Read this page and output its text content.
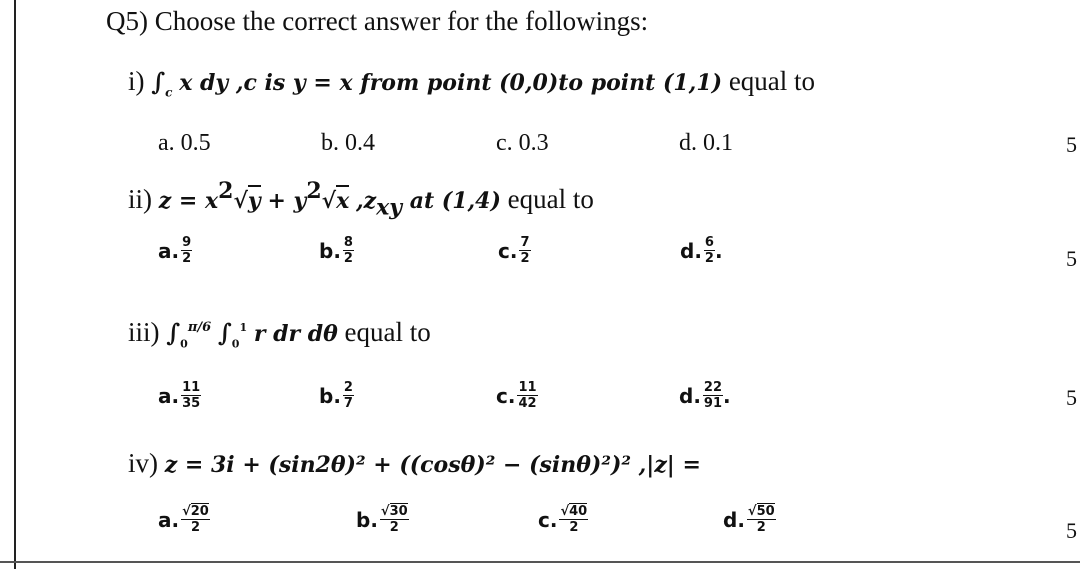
Q5) Choose the correct answer for the followings:
i) $\int_c$ x dy ,c is y = x from point (0,0)to point (1,1) equal to
a. 0.5	b. 0.4	c. 0.3	d. 0.1	5
ii) $z = x^2√y + y^2√x$ $,z_{xy}$ at (1,4) equal to
a. $\frac{9}{2}$	b. $\frac{8}{2}$	c. $\frac{7}{2}$	d. $\frac{6}{2}$ .	5
iii) $\int_0^{\pi/6}$ $\int_0^1$ r dr dθ equal to
a. $\frac{11}{35}$	b. $\frac{2}{7}$	c. $\frac{11}{42}$	d. $\frac{22}{91}$ .	5
iv) z = 3i + (sin2θ)² + ((cosθ)² − (sinθ)²)² ,|z| =
a. $\frac{√20}{2}$	b. $\frac{√30}{2}$	c. $\frac{√40}{2}$	d. $\frac{√50}{2}$	5
